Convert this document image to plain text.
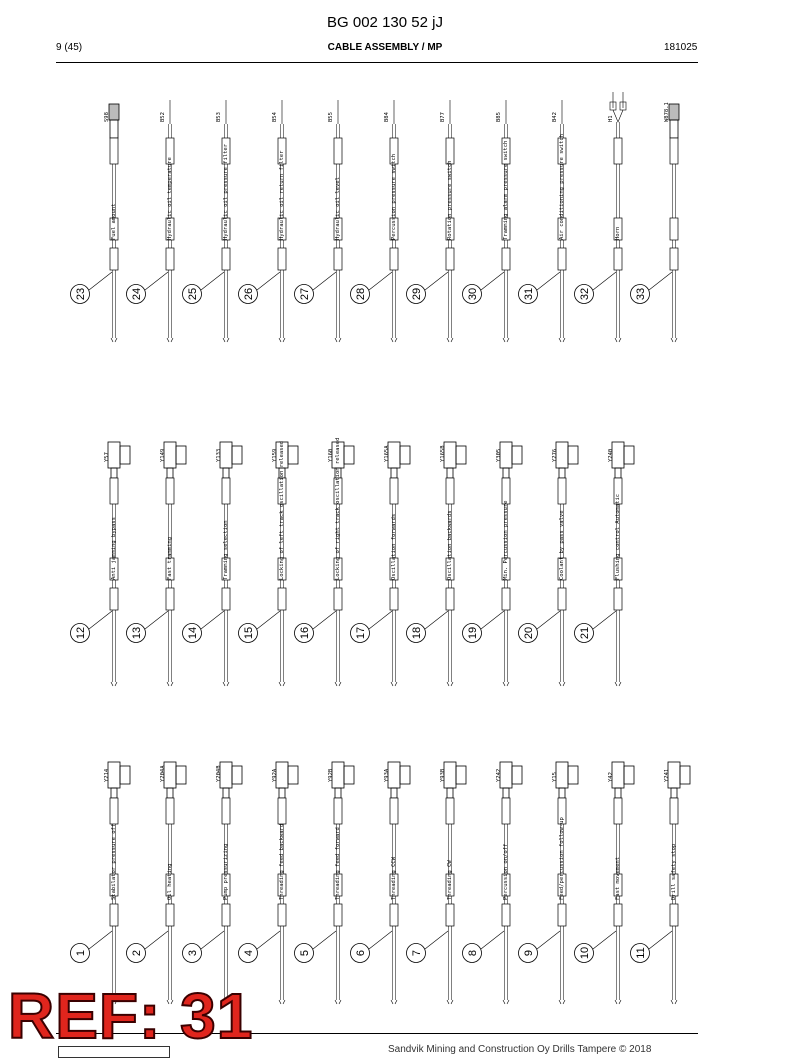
BG 002 130 52 jJ
9 (45)	CABLE ASSEMBLY / MP	181025
S98
Fuel amount
23
B52
Hydraulic oil temperature
24
B53
Hydraulic oil pressure filter
25
B54
Hydraulic oil return filter
26
B55
Hydraulic oil level
27
B84
Percussion pressure switch
28
B77
Rotation pressure switch
29
B85
Tramming alarm pressure switch
30
B42
Air conditioning pressure switch
31
H1
Horn
32
W878.1
33
Y57
Anti jamming bypass
12
Y149
Fast tramming
13
Y133
Tramming selection
14
Y159 Locking of left track oscillation released
15
Y160 Locking of right track oscillation released
16
Y165A
Oscillation forwards
17
Y165B
Oscillation backwards
18
Y305
Min. Percussion pressure
19
Y276
Coolant by pass valve
20
Y240
Flushing control Automatic
21
Y214
Stabilator pressure off
1
Y204A
Oil heating
2
Y204B
Pump pressurizing
3
Y92A
Threading feed backward
4
Y92B
Threading feed forward
5
Y93A
Threading CCW
6
Y93B
Threading CW
7
Y242
Percussion on/off
8
Y15
Feed/percussion follow-up
9
Y42
Fast movement
10
Y241
Drill safety stop
11
Sandvik Mining and Construction Oy Drills Tampere © 2018
REF: 31
